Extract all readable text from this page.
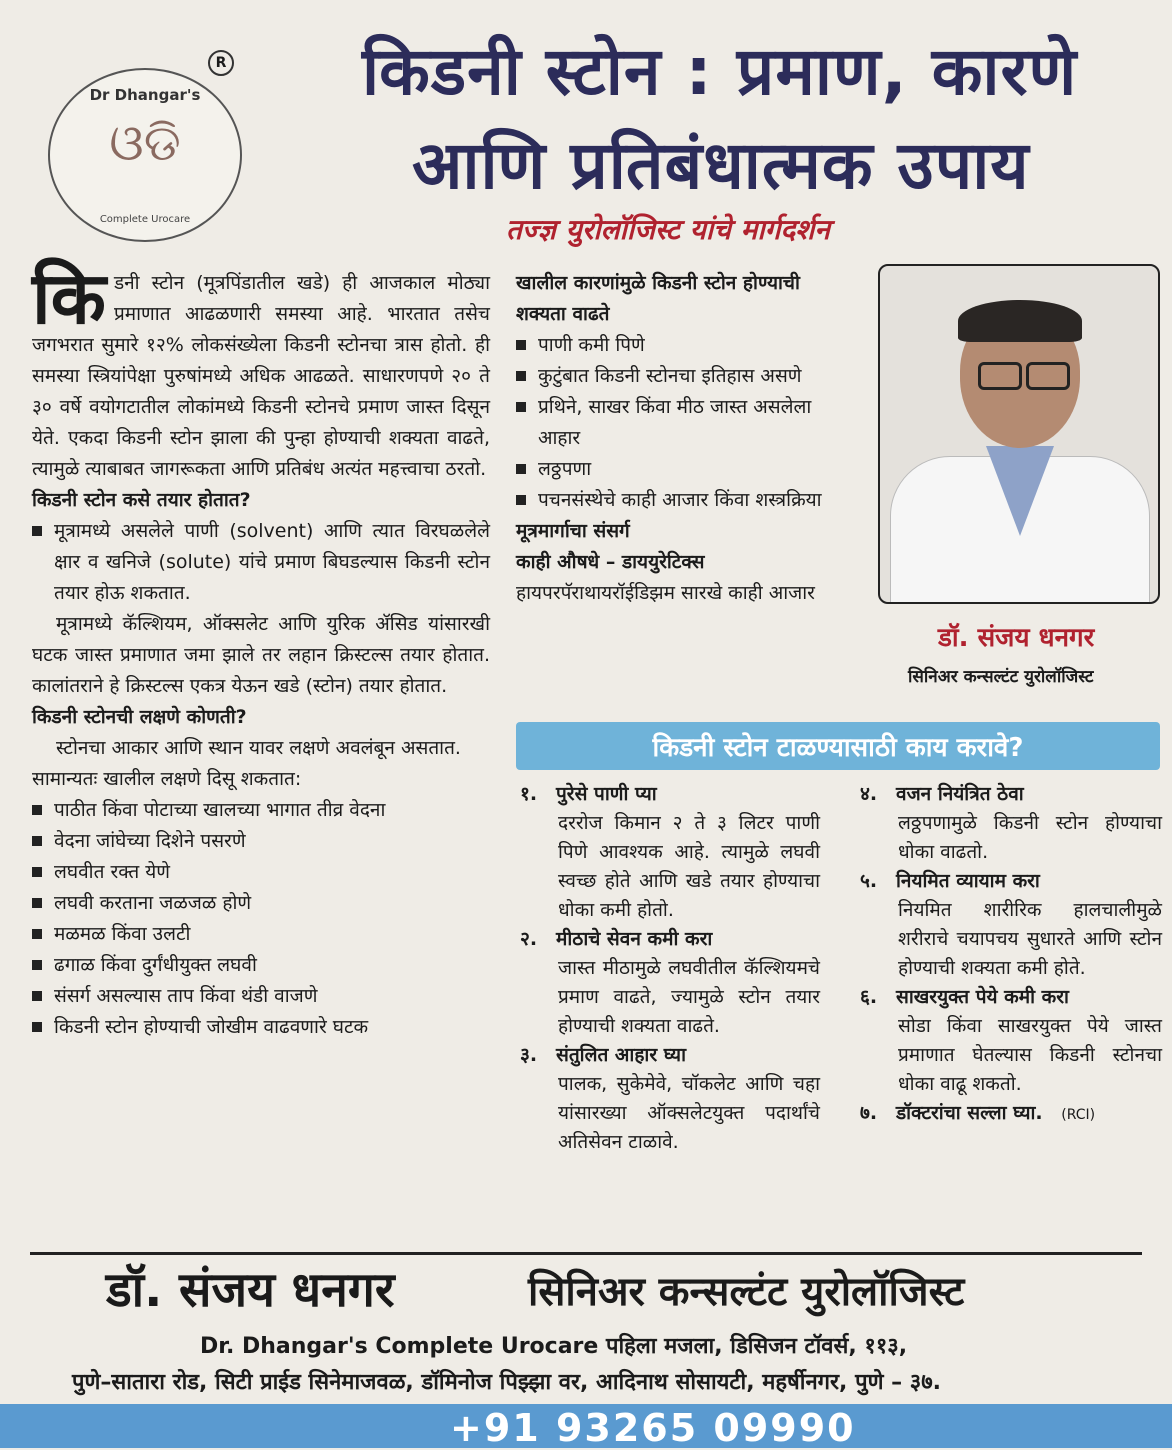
Dr Dhangar's
ଓଡି
Complete Urocare
R किडनी स्टोन : प्रमाण, कारणे
आणि प्रतिबंधात्मक उपाय
तज्ज्ञ युरोलॉजिस्ट यांचे मार्गदर्शन

कि डनी स्टोन (मूत्रपिंडातील खडे) ही आजकाल मोठ्या प्रमाणात आढळणारी समस्या आहे. भारतात तसेच जगभरात सुमारे १२% लोकसंख्येला किडनी स्टोनचा त्रास होतो. ही समस्या स्त्रियांपेक्षा पुरुषांमध्ये अधिक आढळते. साधारणपणे २० ते ३० वर्षे वयोगटातील लोकांमध्ये किडनी स्टोनचे प्रमाण जास्त दिसून येते. एकदा किडनी स्टोन झाला की पुन्हा होण्याची शक्यता वाढते, त्यामुळे त्याबाबत जागरूकता आणि प्रतिबंध अत्यंत महत्त्वाचा ठरतो.

किडनी स्टोन कसे तयार होतात?

मूत्रामध्ये असलेले पाणी (solvent) आणि त्यात विरघळलेले क्षार व खनिजे (solute) यांचे प्रमाण बिघडल्यास किडनी स्टोन तयार होऊ शकतात.

मूत्रामध्ये कॅल्शियम, ऑक्सलेट आणि युरिक ॲसिड यांसारखी घटक जास्त प्रमाणात जमा झाले तर लहान क्रिस्टल्स तयार होतात. कालांतराने हे क्रिस्टल्स एकत्र येऊन खडे (स्टोन) तयार होतात.

किडनी स्टोनची लक्षणे कोणती?

स्टोनचा आकार आणि स्थान यावर लक्षणे अवलंबून असतात. सामान्यतः खालील लक्षणे दिसू शकतात:

पाठीत किंवा पोटाच्या खालच्या भागात तीव्र वेदना
वेदना जांघेच्या दिशेने पसरणे
लघवीत रक्त येणे
लघवी करताना जळजळ होणे
मळमळ किंवा उलटी
ढगाळ किंवा दुर्गंधीयुक्त लघवी
संसर्ग असल्यास ताप किंवा थंडी वाजणे
किडनी स्टोन होण्याची जोखीम वाढवणारे घटक

खालील कारणांमुळे किडनी स्टोन होण्याची शक्यता वाढते

पाणी कमी पिणे
कुटुंबात किडनी स्टोनचा इतिहास असणे
प्रथिने, साखर किंवा मीठ जास्त असलेला आहार
लठ्ठपणा
पचनसंस्थेचे काही आजार किंवा शस्त्रक्रिया

मूत्रमार्गाचा संसर्ग

काही औषधे – डाययुरेटिक्स

हायपरपॅराथायरॉईडिझम सारखे काही आजार

डॉ. संजय धनगर
सिनिअर कन्सल्टंट युरोलॉजिस्ट
किडनी स्टोन टाळण्यासाठी काय करावे?
१. पुरेसे पाणी प्या
दररोज किमान २ ते ३ लिटर पाणी पिणे आवश्यक आहे. त्यामुळे लघवी स्वच्छ होते आणि खडे तयार होण्याचा धोका कमी होतो.
२. मीठाचे सेवन कमी करा
जास्त मीठामुळे लघवीतील कॅल्शियमचे प्रमाण वाढते, ज्यामुळे स्टोन तयार होण्याची शक्यता वाढते.
३. संतुलित आहार घ्या
पालक, सुकेमेवे, चॉकलेट आणि चहा यांसारख्या ऑक्सलेटयुक्त पदार्थांचे अतिसेवन टाळावे.
४. वजन नियंत्रित ठेवा
लठ्ठपणामुळे किडनी स्टोन होण्याचा धोका वाढतो.
५. नियमित व्यायाम करा
नियमित शारीरिक हालचालीमुळे शरीराचे चयापचय सुधारते आणि स्टोन होण्याची शक्यता कमी होते.
६. साखरयुक्त पेये कमी करा
सोडा किंवा साखरयुक्त पेये जास्त प्रमाणात घेतल्यास किडनी स्टोनचा धोका वाढू शकतो.
७. डॉक्टरांचा सल्ला घ्या. (RCI)
डॉ. संजय धनगर	सिनिअर कन्सल्टंट युरोलॉजिस्ट
Dr. Dhangar's Complete Urocare पहिला मजला, डिसिजन टॉवर्स, ११३,
पुणे–सातारा रोड, सिटी प्राईड सिनेमाजवळ, डॉमिनोज पिझ्झा वर, आदिनाथ सोसायटी, महर्षीनगर, पुणे – ३७.
+91 93265 09990
